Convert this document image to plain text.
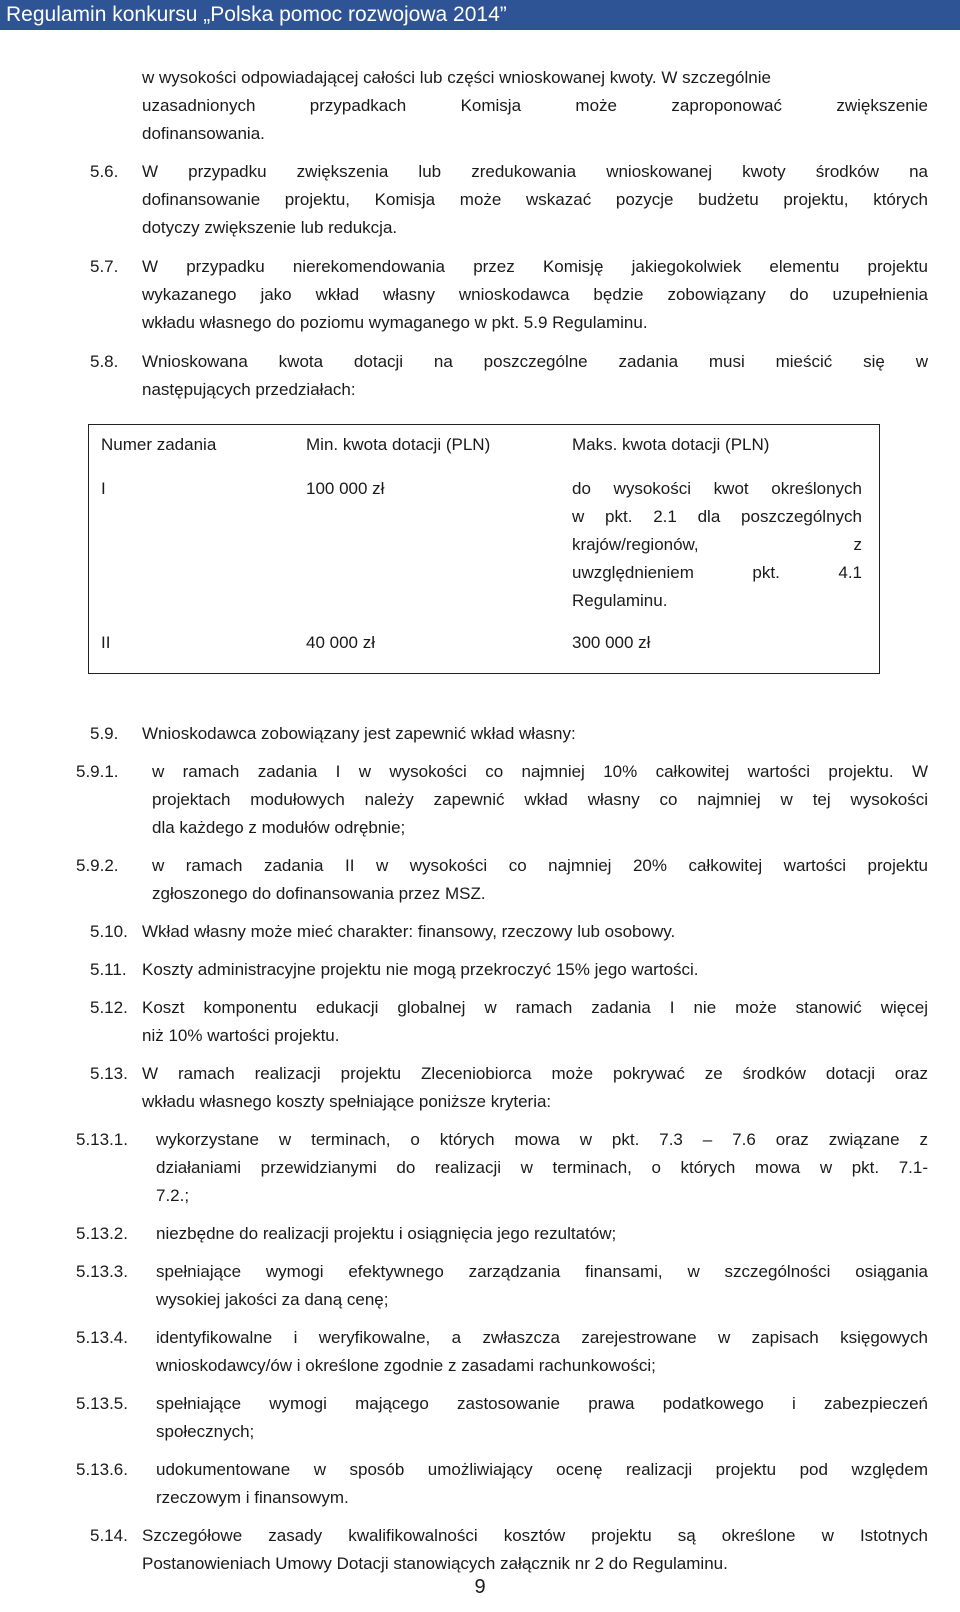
Regulamin konkursu „Polska pomoc rozwojowa 2014”
w wysokości odpowiadającej całości lub części wnioskowanej kwoty. W szczególnie
uzasadnionych przypadkach Komisja może zaproponować zwiększenie
dofinansowania.
5.6. W przypadku zwiększenia lub zredukowania wnioskowanej kwoty środków na
dofinansowanie projektu, Komisja może wskazać pozycje budżetu projektu, których
dotyczy zwiększenie lub redukcja.
5.7. W przypadku nierekomendowania przez Komisję jakiegokolwiek elementu projektu
wykazanego jako wkład własny wnioskodawca będzie zobowiązany do uzupełnienia
wkładu własnego do poziomu wymaganego w pkt. 5.9 Regulaminu.
5.8. Wnioskowana kwota dotacji na poszczególne zadania musi mieścić się w
następujących przedziałach:
Numer zadania	Min. kwota dotacji (PLN)	Maks. kwota dotacji (PLN)
I	100 000 zł	do wysokości kwot określonych
w pkt. 2.1 dla poszczególnych
krajów/regionów, z
uwzględnieniem pkt. 4.1
Regulaminu.

II	40 000 zł	300 000 zł
5.9. Wnioskodawca zobowiązany jest zapewnić wkład własny:
5.9.1. w ramach zadania I w wysokości co najmniej 10% całkowitej wartości projektu. W
projektach modułowych należy zapewnić wkład własny co najmniej w tej wysokości
dla każdego z modułów odrębnie;
5.9.2. w ramach zadania II w wysokości co najmniej 20% całkowitej wartości projektu
zgłoszonego do dofinansowania przez MSZ.
5.10. Wkład własny może mieć charakter: finansowy, rzeczowy lub osobowy.
5.11. Koszty administracyjne projektu nie mogą przekroczyć 15% jego wartości.
5.12. Koszt komponentu edukacji globalnej w ramach zadania I nie może stanowić więcej
niż 10% wartości projektu.
5.13. W ramach realizacji projektu Zleceniobiorca może pokrywać ze środków dotacji oraz
wkładu własnego koszty spełniające poniższe kryteria:
5.13.1. wykorzystane w terminach, o których mowa w pkt. 7.3 – 7.6 oraz związane z
działaniami przewidzianymi do realizacji w terminach, o których mowa w pkt. 7.1-
7.2.;
5.13.2. niezbędne do realizacji projektu i osiągnięcia jego rezultatów;
5.13.3. spełniające wymogi efektywnego zarządzania finansami, w szczególności osiągania
wysokiej jakości za daną cenę;
5.13.4. identyfikowalne i weryfikowalne, a zwłaszcza zarejestrowane w zapisach księgowych
wnioskodawcy/ów i określone zgodnie z zasadami rachunkowości;
5.13.5. spełniające wymogi mającego zastosowanie prawa podatkowego i zabezpieczeń
społecznych;
5.13.6. udokumentowane w sposób umożliwiający ocenę realizacji projektu pod względem
rzeczowym i finansowym.
5.14. Szczegółowe zasady kwalifikowalności kosztów projektu są określone w Istotnych
Postanowieniach Umowy Dotacji stanowiących załącznik nr 2 do Regulaminu.
9
